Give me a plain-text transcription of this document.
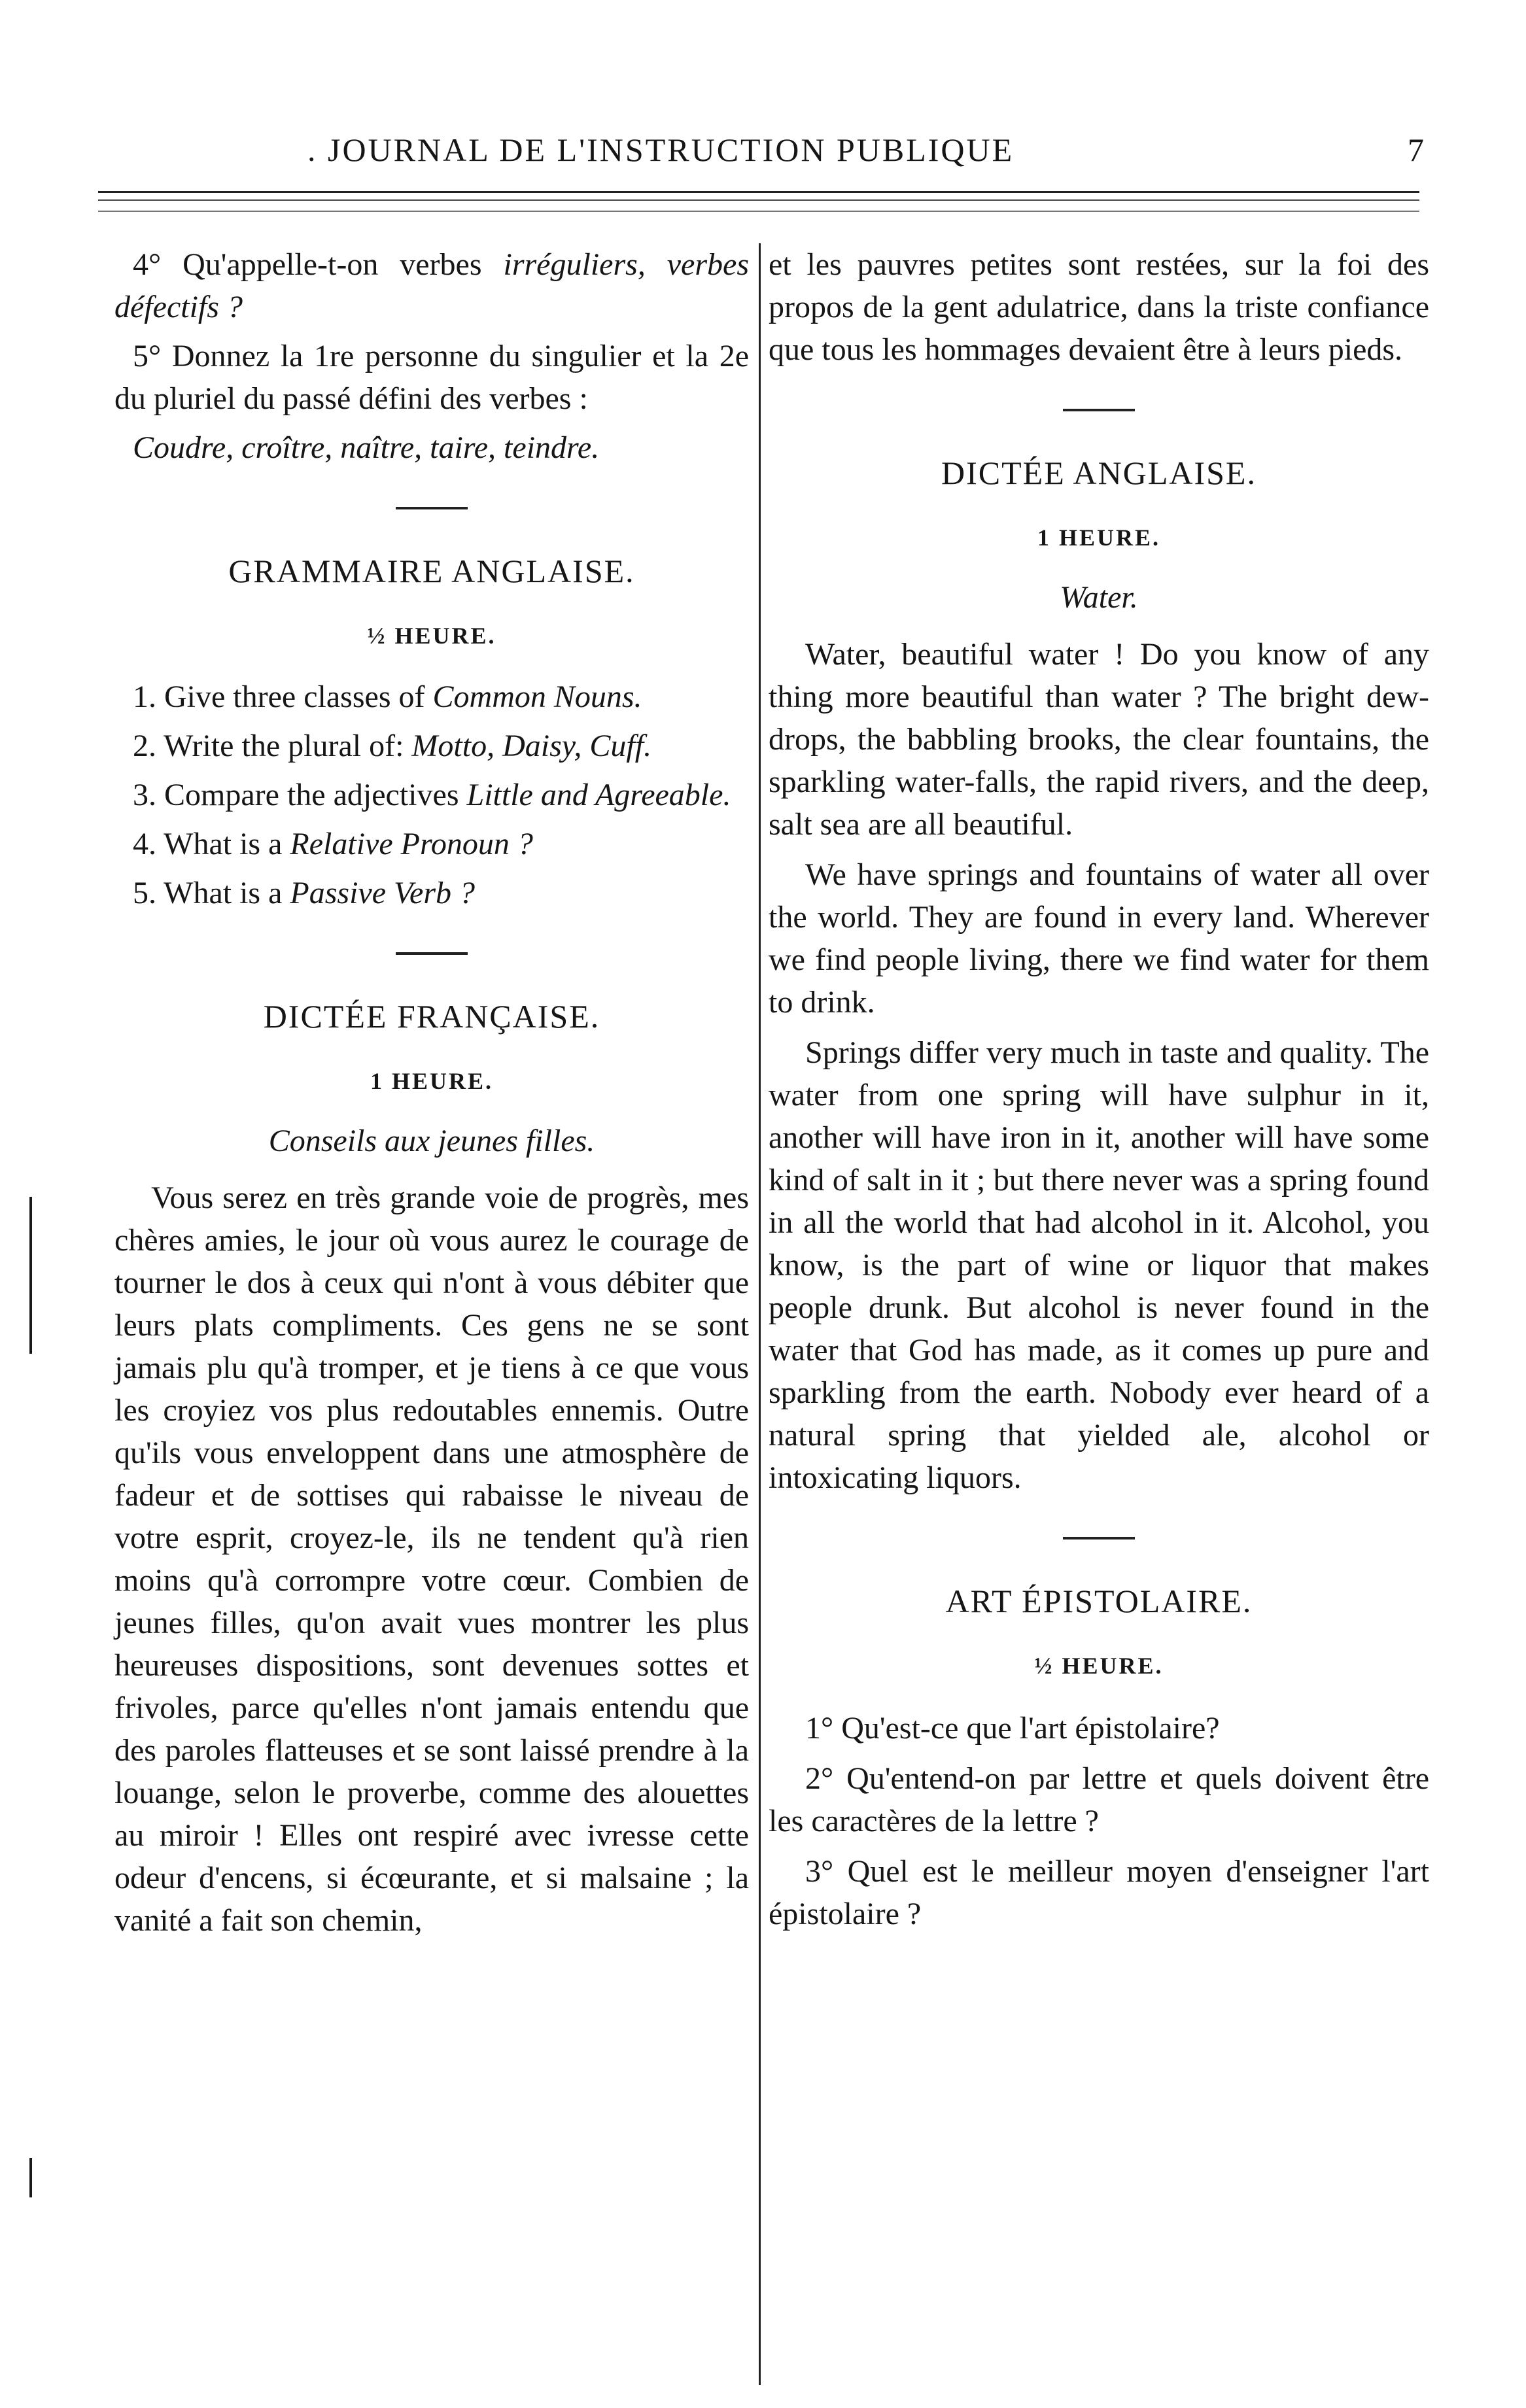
. JOURNAL DE L'INSTRUCTION PUBLIQUE	7

4° Qu'appelle-t-on verbes irréguliers, verbes défectifs ?

5° Donnez la 1re personne du singulier et la 2e du pluriel du passé défini des verbes :

Coudre, croître, naître, taire, teindre.

GRAMMAIRE ANGLAISE.
½ HEURE.

1. Give three classes of Common Nouns.

2. Write the plural of: Motto, Daisy, Cuff.

3. Compare the adjectives Little and Agreeable.

4. What is a Relative Pronoun ?

5. What is a Passive Verb ?

DICTÉE FRANÇAISE.
1 HEURE.
Conseils aux jeunes filles.

Vous serez en très grande voie de progrès, mes chères amies, le jour où vous aurez le courage de tourner le dos à ceux qui n'ont à vous débiter que leurs plats compliments. Ces gens ne se sont jamais plu qu'à tromper, et je tiens à ce que vous les croyiez vos plus redoutables ennemis. Outre qu'ils vous enveloppent dans une atmosphère de fadeur et de sottises qui rabaisse le niveau de votre esprit, croyez-le, ils ne tendent qu'à rien moins qu'à corrompre votre cœur. Combien de jeunes filles, qu'on avait vues montrer les plus heureuses dispositions, sont devenues sottes et frivoles, parce qu'elles n'ont jamais entendu que des paroles flatteuses et se sont laissé prendre à la louange, selon le proverbe, comme des alouettes au miroir ! Elles ont respiré avec ivresse cette odeur d'encens, si écœurante, et si malsaine ; la vanité a fait son chemin,

et les pauvres petites sont restées, sur la foi des propos de la gent adulatrice, dans la triste confiance que tous les hommages devaient être à leurs pieds.

DICTÉE ANGLAISE.
1 HEURE.
Water.

Water, beautiful water ! Do you know of any thing more beautiful than water ? The bright dew-drops, the babbling brooks, the clear fountains, the sparkling water-falls, the rapid rivers, and the deep, salt sea are all beautiful.

We have springs and fountains of water all over the world. They are found in every land. Wherever we find people living, there we find water for them to drink.

Springs differ very much in taste and quality. The water from one spring will have sulphur in it, another will have iron in it, another will have some kind of salt in it ; but there never was a spring found in all the world that had alcohol in it. Alcohol, you know, is the part of wine or liquor that makes people drunk. But alcohol is never found in the water that God has made, as it comes up pure and sparkling from the earth. Nobody ever heard of a natural spring that yielded ale, alcohol or intoxicating liquors.

ART ÉPISTOLAIRE.
½ HEURE.

1° Qu'est-ce que l'art épistolaire?

2° Qu'entend-on par lettre et quels doivent être les caractères de la lettre ?

3° Quel est le meilleur moyen d'enseigner l'art épistolaire ?
